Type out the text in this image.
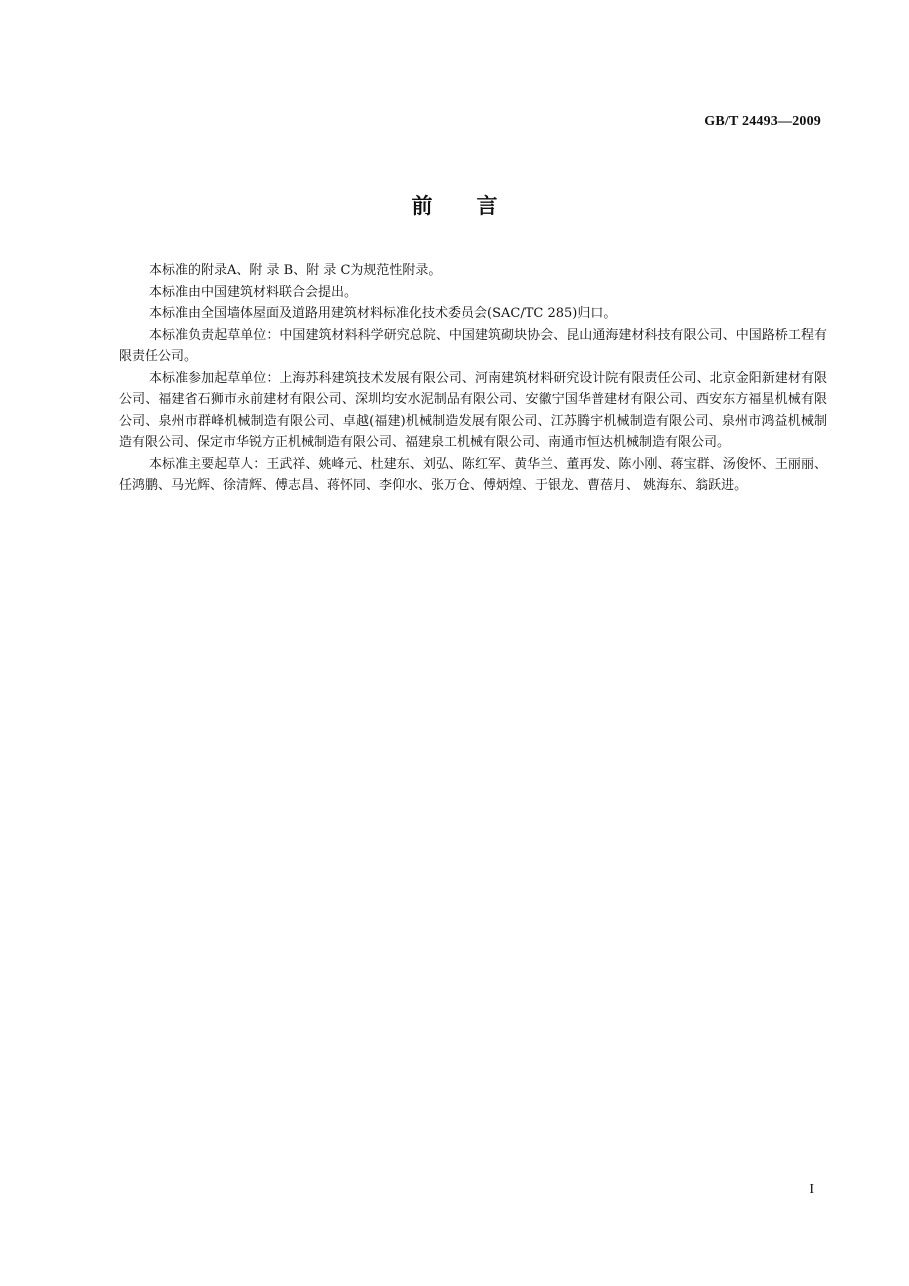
GB/T 24493—2009
前言

本标准的附录A、附 录 B、附 录 C为规范性附录。

本标准由中国建筑材料联合会提出。

本标准由全国墙体屋面及道路用建筑材料标准化技术委员会(SAC/TC 285)归口。

本标准负责起草单位：中国建筑材料科学研究总院、中国建筑砌块协会、昆山通海建材科技有限公司、中国路桥工程有限责任公司。

本标准参加起草单位：上海苏科建筑技术发展有限公司、河南建筑材料研究设计院有限责任公司、北京金阳新建材有限公司、福建省石狮市永前建材有限公司、深圳均安水泥制品有限公司、安徽宁国华普建材有限公司、西安东方福星机械有限公司、泉州市群峰机械制造有限公司、卓越(福建)机械制造发展有限公司、江苏腾宇机械制造有限公司、泉州市鸿益机械制造有限公司、保定市华锐方正机械制造有限公司、福建泉工机械有限公司、南通市恒达机械制造有限公司。

本标准主要起草人：王武祥、姚峰元、杜建东、刘弘、陈红军、黄华兰、董再发、陈小刚、蒋宝群、汤俊怀、王丽丽、任鸿鹏、马光辉、徐清辉、傅志昌、蒋怀同、李仰水、张万仓、傅炳煌、于银龙、曹蓓月、 姚海东、翁跃进。

I
